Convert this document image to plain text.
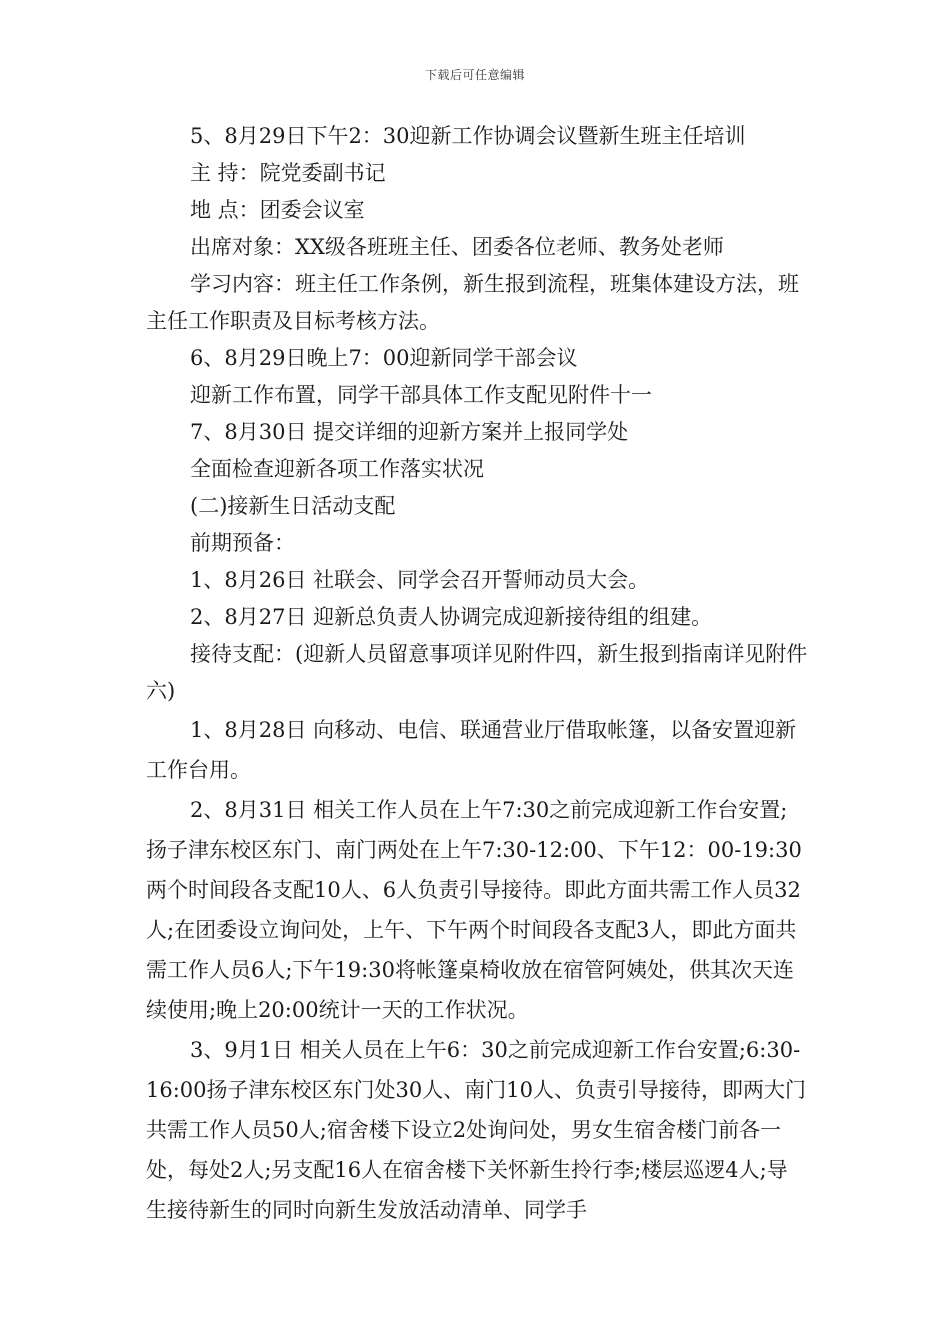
下载后可任意编辑

5、8月29日下午2：30迎新工作协调会议暨新生班主任培训

主 持：院党委副书记

地 点：团委会议室

出席对象：XX级各班班主任、团委各位老师、教务处老师

学习内容：班主任工作条例，新生报到流程，班集体建设方法，班主任工作职责及目标考核方法。

6、8月29日晚上7：00迎新同学干部会议

迎新工作布置，同学干部具体工作支配见附件十一

7、8月30日 提交详细的迎新方案并上报同学处

全面检查迎新各项工作落实状况

(二)接新生日活动支配

前期预备：

1、8月26日 社联会、同学会召开誓师动员大会。

2、8月27日 迎新总负责人协调完成迎新接待组的组建。

接待支配：(迎新人员留意事项详见附件四，新生报到指南详见附件六)

1、8月28日 向移动、电信、联通营业厅借取帐篷，以备安置迎新工作台用。

2、8月31日 相关工作人员在上午7:30之前完成迎新工作台安置;扬子津东校区东门、南门两处在上午7:30-12:00、下午12：00-19:30两个时间段各支配10人、6人负责引导接待。即此方面共需工作人员32人;在团委设立询问处，上午、下午两个时间段各支配3人，即此方面共需工作人员6人;下午19:30将帐篷桌椅收放在宿管阿姨处，供其次天连续使用;晚上20:00统计一天的工作状况。

3、9月1日 相关人员在上午6：30之前完成迎新工作台安置;6:30-16:00扬子津东校区东门处30人、南门10人、负责引导接待，即两大门共需工作人员50人;宿舍楼下设立2处询问处，男女生宿舍楼门前各一处，每处2人;另支配16人在宿舍楼下关怀新生拎行李;楼层巡逻4人;导生接待新生的同时向新生发放活动清单、同学手
